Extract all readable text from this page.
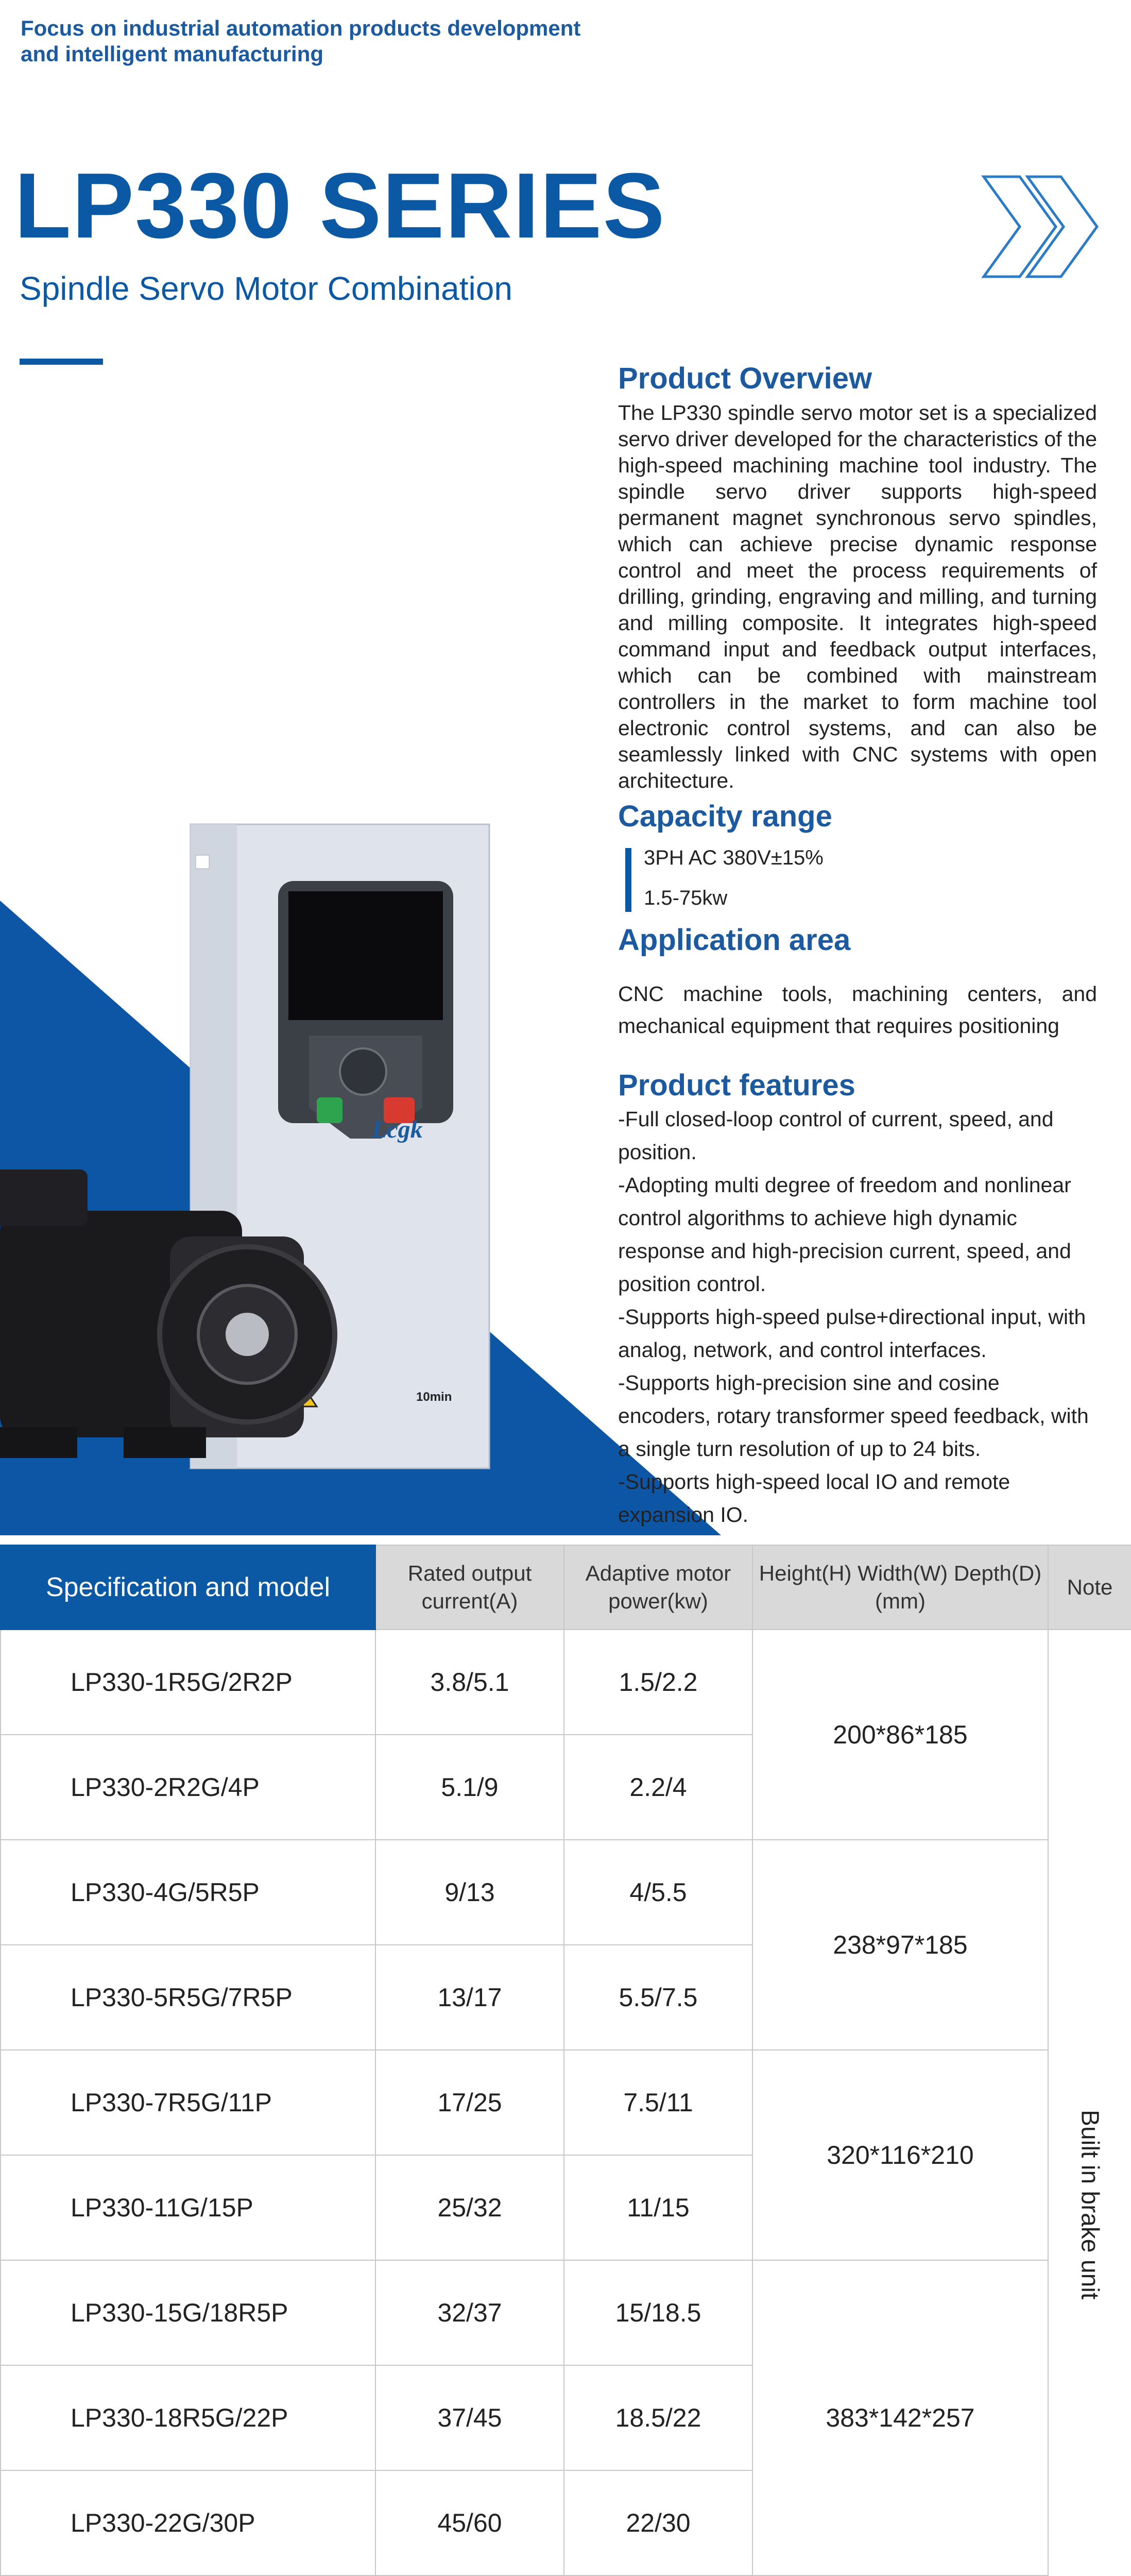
Focus on industrial automation products development
and intelligent manufacturing
LP330 SERIES
Spindle Servo Motor Combination
Lcgk
10min
Product Overview
The LP330 spindle servo motor set is a specialized servo driver developed for the characteristics of the high-speed machining machine tool industry. The spindle servo driver supports high-speed permanent magnet synchronous servo spindles, which can achieve precise dynamic response control and meet the process requirements of drilling, grinding, engraving and milling, and turning and milling composite. It integrates high-speed command input and feedback output interfaces, which can be combined with mainstream controllers in the market to form machine tool electronic control systems, and can also be seamlessly linked with CNC systems with open architecture.
Capacity range
3PH AC 380V±15%
1.5-75kw
Application area
CNC machine tools, machining centers, and mechanical equipment that requires positioning
Product features
-Full closed-loop control of current, speed, and position.
-Adopting multi degree of freedom and nonlinear control algorithms to achieve high dynamic response and high-precision current, speed, and position control.
-Supports high-speed pulse+directional input, with analog, network, and control interfaces.
-Supports high-precision sine and cosine encoders, rotary transformer speed feedback, with a single turn resolution of up to 24 bits.
-Supports high-speed local IO and remote expansion IO.
Specification and model	Rated output current(A)	Adaptive motor power(kw)	Height(H) Width(W) Depth(D)(mm)	Note
LP330-1R5G/2R2P	3.8/5.1	1.5/2.2	200*86*185	Built in brake unit
LP330-2R2G/4P	5.1/9	2.2/4		
LP330-4G/5R5P	9/13	4/5.5	238*97*185	
LP330-5R5G/7R5P	13/17	5.5/7.5		
LP330-7R5G/11P	17/25	7.5/11	320*116*210	
LP330-11G/15P	25/32	11/15		
LP330-15G/18R5P	32/37	15/18.5	383*142*257	
LP330-18R5G/22P	37/45	18.5/22		
LP330-22G/30P	45/60	22/30		
